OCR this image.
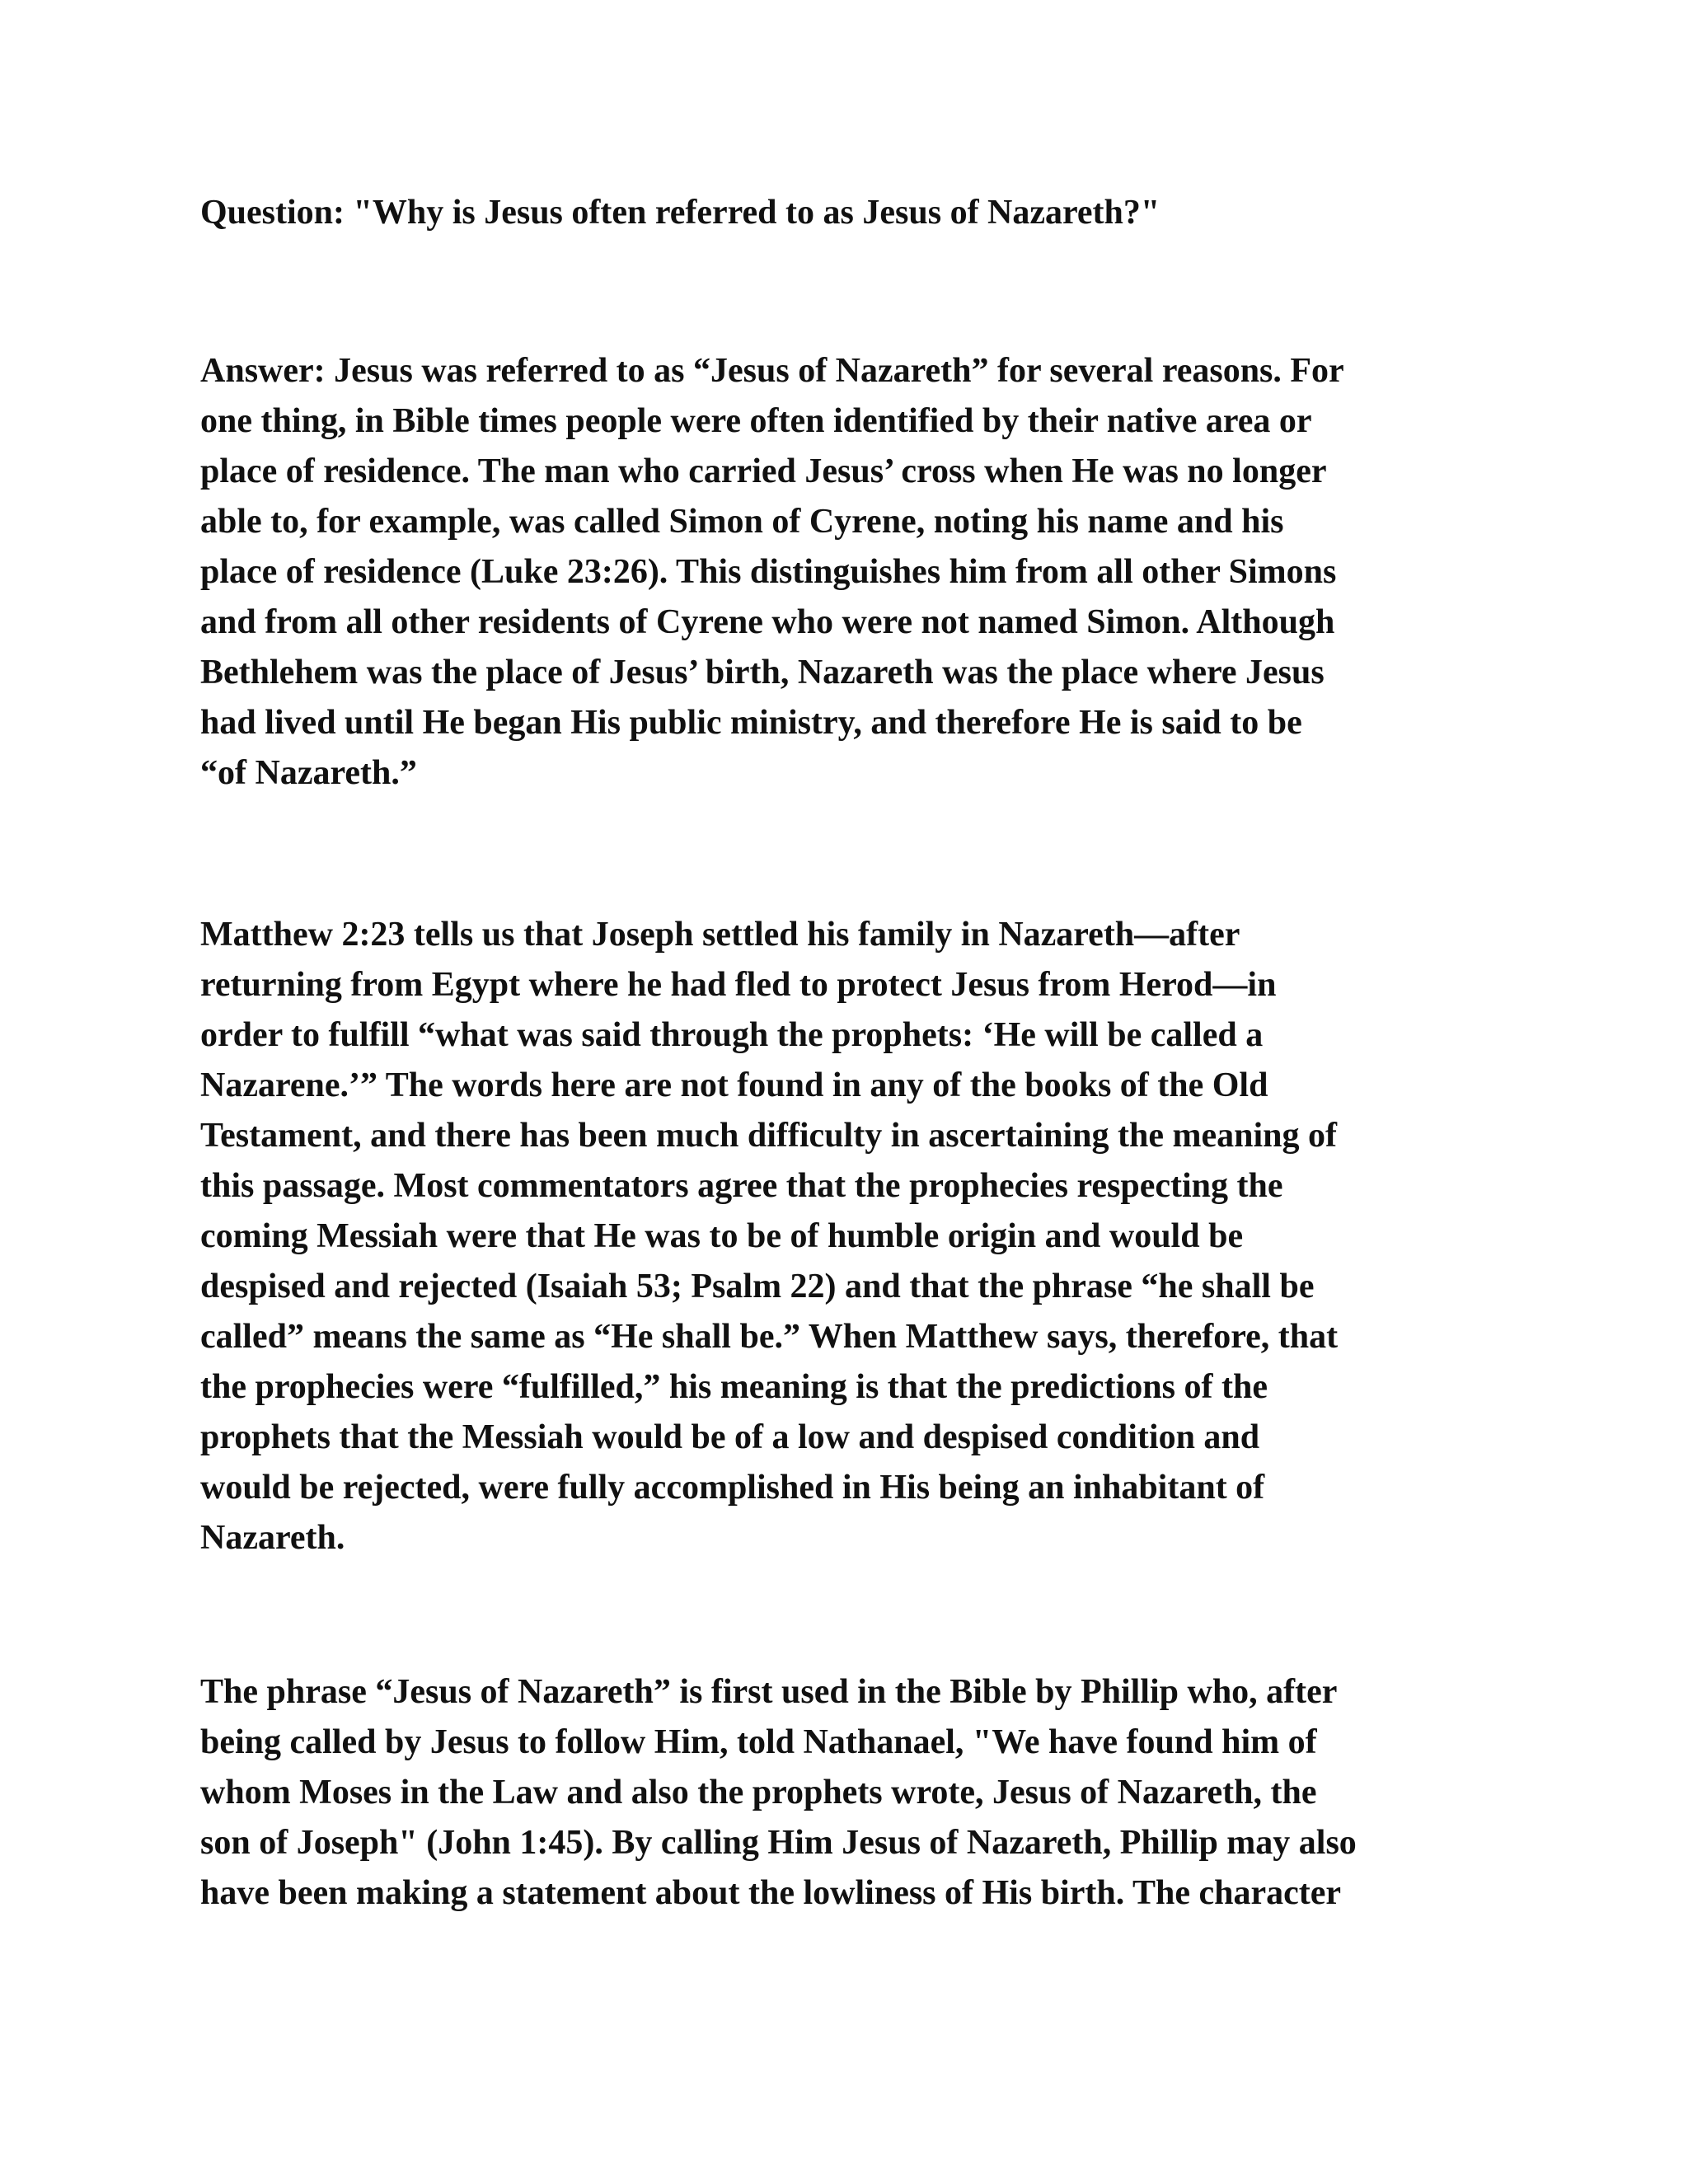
Question: "Why is Jesus often referred to as Jesus of Nazareth?"

Answer: Jesus was referred to as “Jesus of Nazareth” for several reasons. For
one thing, in Bible times people were often identified by their native area or
place of residence. The man who carried Jesus’ cross when He was no longer
able to, for example, was called Simon of Cyrene, noting his name and his
place of residence (Luke 23:26). This distinguishes him from all other Simons
and from all other residents of Cyrene who were not named Simon. Although
Bethlehem was the place of Jesus’ birth, Nazareth was the place where Jesus
had lived until He began His public ministry, and therefore He is said to be
“of Nazareth.”

Matthew 2:23 tells us that Joseph settled his family in Nazareth—after
returning from Egypt where he had fled to protect Jesus from Herod—in
order to fulfill “what was said through the prophets: ‘He will be called a
Nazarene.’” The words here are not found in any of the books of the Old
Testament, and there has been much difficulty in ascertaining the meaning of
this passage. Most commentators agree that the prophecies respecting the
coming Messiah were that He was to be of humble origin and would be
despised and rejected (Isaiah 53; Psalm 22) and that the phrase “he shall be
called” means the same as “He shall be.” When Matthew says, therefore, that
the prophecies were “fulfilled,” his meaning is that the predictions of the
prophets that the Messiah would be of a low and despised condition and
would be rejected, were fully accomplished in His being an inhabitant of
Nazareth.

The phrase “Jesus of Nazareth” is first used in the Bible by Phillip who, after
being called by Jesus to follow Him, told Nathanael, "We have found him of
whom Moses in the Law and also the prophets wrote, Jesus of Nazareth, the
son of Joseph" (John 1:45). By calling Him Jesus of Nazareth, Phillip may also
have been making a statement about the lowliness of His birth. The character
